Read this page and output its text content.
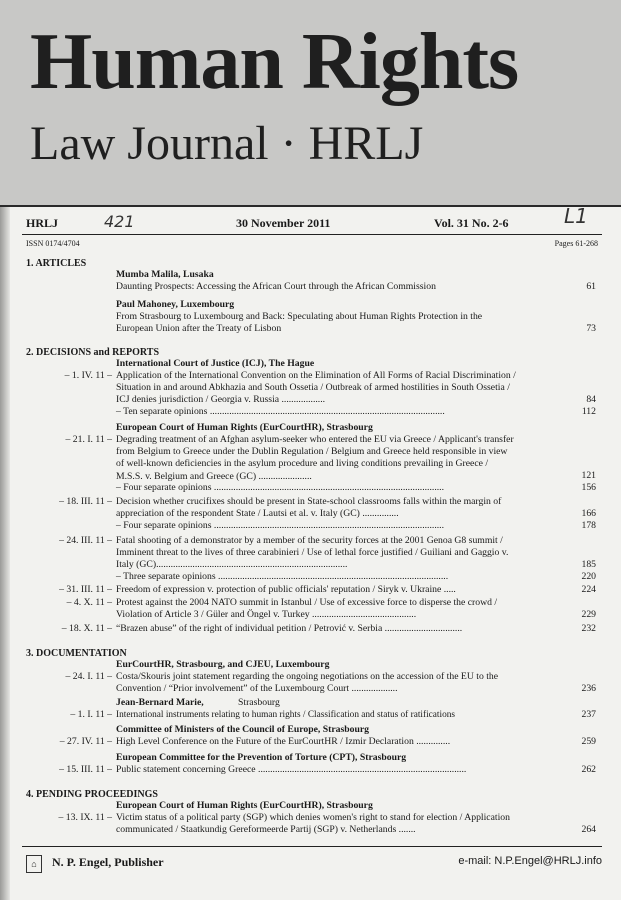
Human Rights
Law Journal · HRLJ
HRLJ	421	30 November 2011	Vol. 31 No. 2-6	L1
ISSN 0174/4704	Pages 61-268
1. ARTICLES
Mumba Malila, Lusaka
Daunting Prospects: Accessing the African Court through the African Commission	61
Paul Mahoney, Luxembourg
From Strasbourg to Luxembourg and Back: Speculating about Human Rights Protection in the European Union after the Treaty of Lisbon	73
2. DECISIONS and REPORTS
International Court of Justice (ICJ), The Hague
– 1. IV. 11 – Application of the International Convention on the Elimination of All Forms of Racial Discrimination / Situation in and around Abkhazia and South Ossetia / Outbreak of armed hostilities in South Ossetia / ICJ denies jurisdiction / Georgia v. Russia ..................	84
– Ten separate opinions .................................................................................................	112
European Court of Human Rights (EurCourtHR), Strasbourg
– 21. I. 11 – Degrading treatment of an Afghan asylum-seeker who entered the EU via Greece / Applicant's transfer from Belgium to Greece under the Dublin Regulation / Belgium and Greece held responsible in view of well-known deficiencies in the asylum procedure and living conditions prevailing in Greece / M.S.S. v. Belgium and Greece (GC) ......................	121
– Four separate opinions ...............................................................................................	156
– 18. III. 11 – Decision whether crucifixes should be present in State-school classrooms falls within the margin of appreciation of the respondent State / Lautsi et al. v. Italy (GC) ...............	166
– Four separate opinions ...............................................................................................	178
– 24. III. 11 – Fatal shooting of a demonstrator by a member of the security forces at the 2001 Genoa G8 summit / Imminent threat to the lives of three carabinieri / Use of lethal force justified / Guiliani and Gaggio v. Italy (GC)...............................................................................	185
– Three separate opinions ...............................................................................................	220
– 31. III. 11 – Freedom of expression v. protection of public officials' reputation / Siryk v. Ukraine .....	224
– 4. X. 11 – Protest against the 2004 NATO summit in Istanbul / Use of excessive force to disperse the crowd / Violation of Article 3 / Güler and Öngel v. Turkey ...........................................	229
– 18. X. 11 – “Brazen abuse” of the right of individual petition / Petrović v. Serbia ................................	232
3. DOCUMENTATION
EurCourtHR, Strasbourg, and CJEU, Luxembourg
– 24. I. 11 – Costa/Skouris joint statement regarding the ongoing negotiations on the accession of the EU to the Convention / “Prior involvement” of the Luxembourg Court ...................	236
Jean-Bernard Marie,	Strasbourg
– 1. I. 11 – International instruments relating to human rights / Classification and status of ratifications	237
Committee of Ministers of the Council of Europe, Strasbourg
– 27. IV. 11 – High Level Conference on the Future of the EurCourtHR / Izmir Declaration ..............	259
European Committee for the Prevention of Torture (CPT), Strasbourg
– 15. III. 11 – Public statement concerning Greece ......................................................................................	262
4. PENDING PROCEEDINGS
European Court of Human Rights (EurCourtHR), Strasbourg
– 13. IX. 11 – Victim status of a political party (SGP) which denies women's right to stand for election / Application communicated / Staatkundig Gereformeerde Partij (SGP) v. Netherlands .......	264
⌂	N. P. Engel, Publisher	e-mail: N.P.Engel@HRLJ.info
